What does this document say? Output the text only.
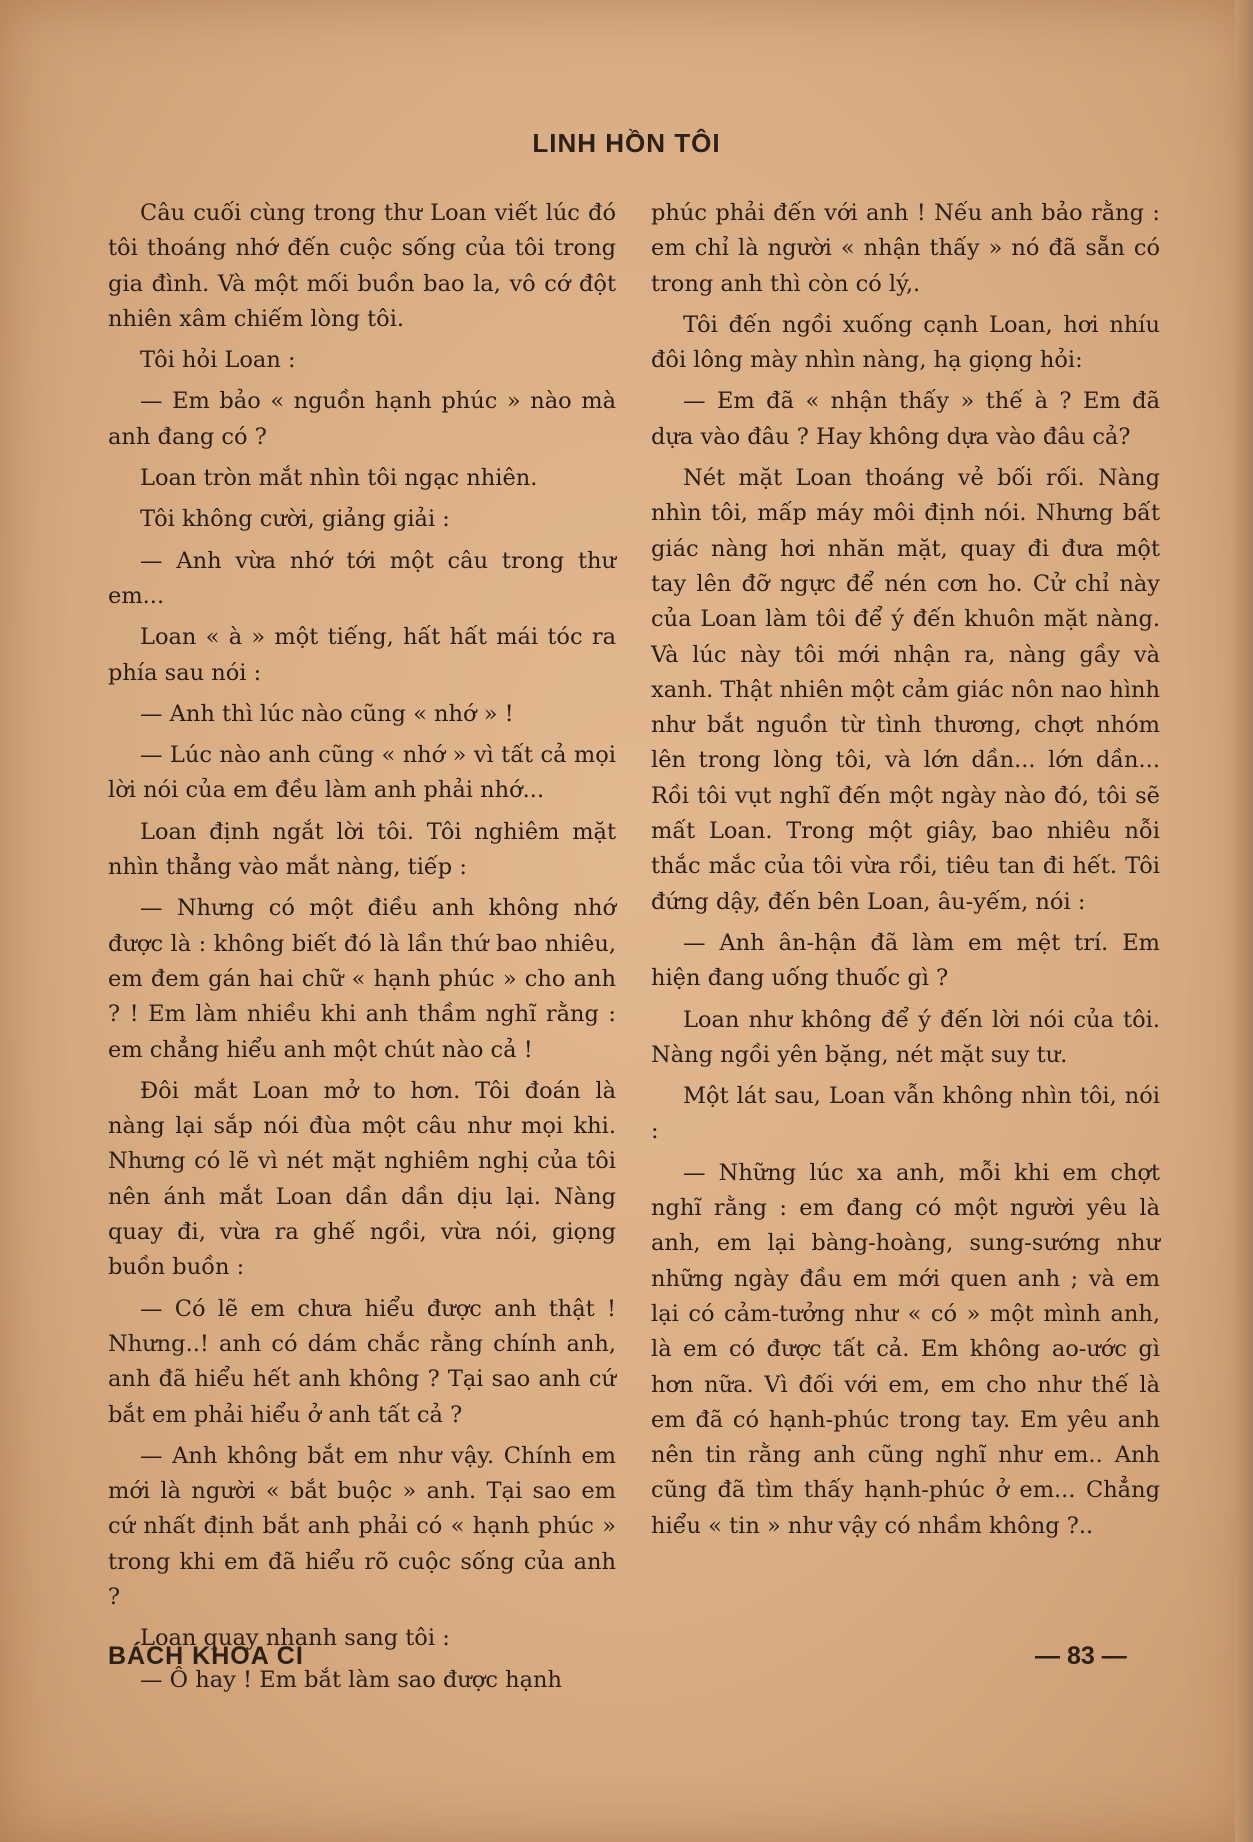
LINH HỒN TÔI

Câu cuối cùng trong thư Loan viết lúc đó tôi thoáng nhớ đến cuộc sống của tôi trong gia đình. Và một mối buồn bao la, vô cớ đột nhiên xâm chiếm lòng tôi.

Tôi hỏi Loan :

— Em bảo « nguồn hạnh phúc » nào mà anh đang có ?

Loan tròn mắt nhìn tôi ngạc nhiên.

Tôi không cười, giảng giải :

— Anh vừa nhớ tới một câu trong thư em...

Loan « à » một tiếng, hất hất mái tóc ra phía sau nói :

— Anh thì lúc nào cũng « nhớ » !

— Lúc nào anh cũng « nhớ » vì tất cả mọi lời nói của em đều làm anh phải nhớ...

Loan định ngắt lời tôi. Tôi nghiêm mặt nhìn thẳng vào mắt nàng, tiếp :

— Nhưng có một điều anh không nhớ được là : không biết đó là lần thứ bao nhiêu, em đem gán hai chữ « hạnh phúc » cho anh ? ! Em làm nhiều khi anh thầm nghĩ rằng : em chẳng hiểu anh một chút nào cả !

Đôi mắt Loan mở to hơn. Tôi đoán là nàng lại sắp nói đùa một câu như mọi khi. Nhưng có lẽ vì nét mặt nghiêm nghị của tôi nên ánh mắt Loan dần dần dịu lại. Nàng quay đi, vừa ra ghế ngồi, vừa nói, giọng buồn buồn :

— Có lẽ em chưa hiểu được anh thật ! Nhưng..! anh có dám chắc rằng chính anh, anh đã hiểu hết anh không ? Tại sao anh cứ bắt em phải hiểu ở anh tất cả ?

— Anh không bắt em như vậy. Chính em mới là người « bắt buộc » anh. Tại sao em cứ nhất định bắt anh phải có « hạnh phúc » trong khi em đã hiểu rõ cuộc sống của anh ?

Loan quay nhanh sang tôi :

— Ô hay ! Em bắt làm sao được hạnh

phúc phải đến với anh ! Nếu anh bảo rằng : em chỉ là người « nhận thấy » nó đã sẵn có trong anh thì còn có lý,.

Tôi đến ngồi xuống cạnh Loan, hơi nhíu đôi lông mày nhìn nàng, hạ giọng hỏi:

— Em đã « nhận thấy » thế à ? Em đã dựa vào đâu ? Hay không dựa vào đâu cả?

Nét mặt Loan thoáng vẻ bối rối. Nàng nhìn tôi, mấp máy môi định nói. Nhưng bất giác nàng hơi nhăn mặt, quay đi đưa một tay lên đỡ ngực để nén cơn ho. Cử chỉ này của Loan làm tôi để ý đến khuôn mặt nàng. Và lúc này tôi mới nhận ra, nàng gầy và xanh. Thật nhiên một cảm giác nôn nao hình như bắt nguồn từ tình thương, chợt nhóm lên trong lòng tôi, và lớn dần... lớn dần... Rồi tôi vụt nghĩ đến một ngày nào đó, tôi sẽ mất Loan. Trong một giây, bao nhiêu nỗi thắc mắc của tôi vừa rồi, tiêu tan đi hết. Tôi đứng dậy, đến bên Loan, âu-yếm, nói :

— Anh ân-hận đã làm em mệt trí. Em hiện đang uống thuốc gì ?

Loan như không để ý đến lời nói của tôi. Nàng ngồi yên bặng, nét mặt suy tư.

Một lát sau, Loan vẫn không nhìn tôi, nói :

— Những lúc xa anh, mỗi khi em chợt nghĩ rằng : em đang có một người yêu là anh, em lại bàng-hoàng, sung-sướng như những ngày đầu em mới quen anh ; và em lại có cảm-tưởng như « có » một mình anh, là em có được tất cả. Em không ao-ước gì hơn nữa. Vì đối với em, em cho như thế là em đã có hạnh-phúc trong tay. Em yêu anh nên tin rằng anh cũng nghĩ như em.. Anh cũng đã tìm thấy hạnh-phúc ở em... Chẳng hiểu « tin » như vậy có nhầm không ?..

BÁCH KHOA CI	— 83 —
